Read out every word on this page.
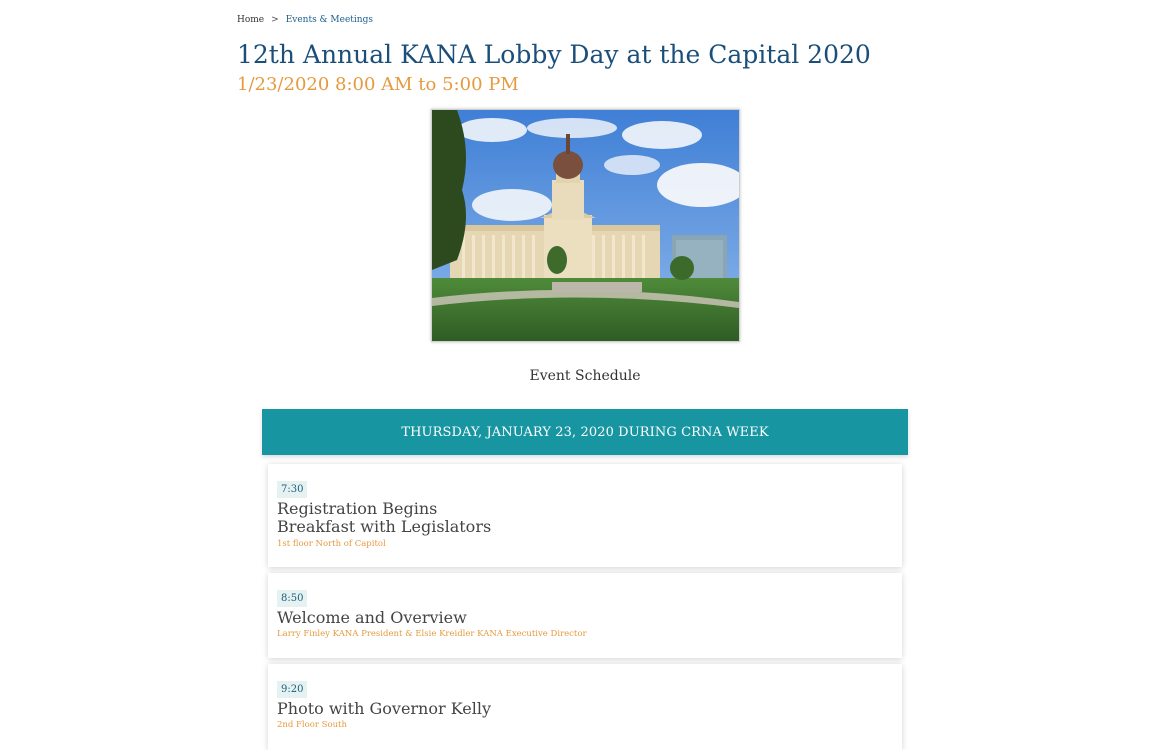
Home > Events & Meetings
12th Annual KANA Lobby Day at the Capital 2020
1/23/2020 8:00 AM to 5:00 PM
Event Schedule
THURSDAY, JANUARY 23, 2020 DURING CRNA WEEK
7:30
Registration Begins
Breakfast with Legislators
1st floor North of Capitol
8:50
Welcome and Overview
Larry Finley KANA President & Elsie Kreidler KANA Executive Director
9:20
Photo with Governor Kelly
2nd Floor South
